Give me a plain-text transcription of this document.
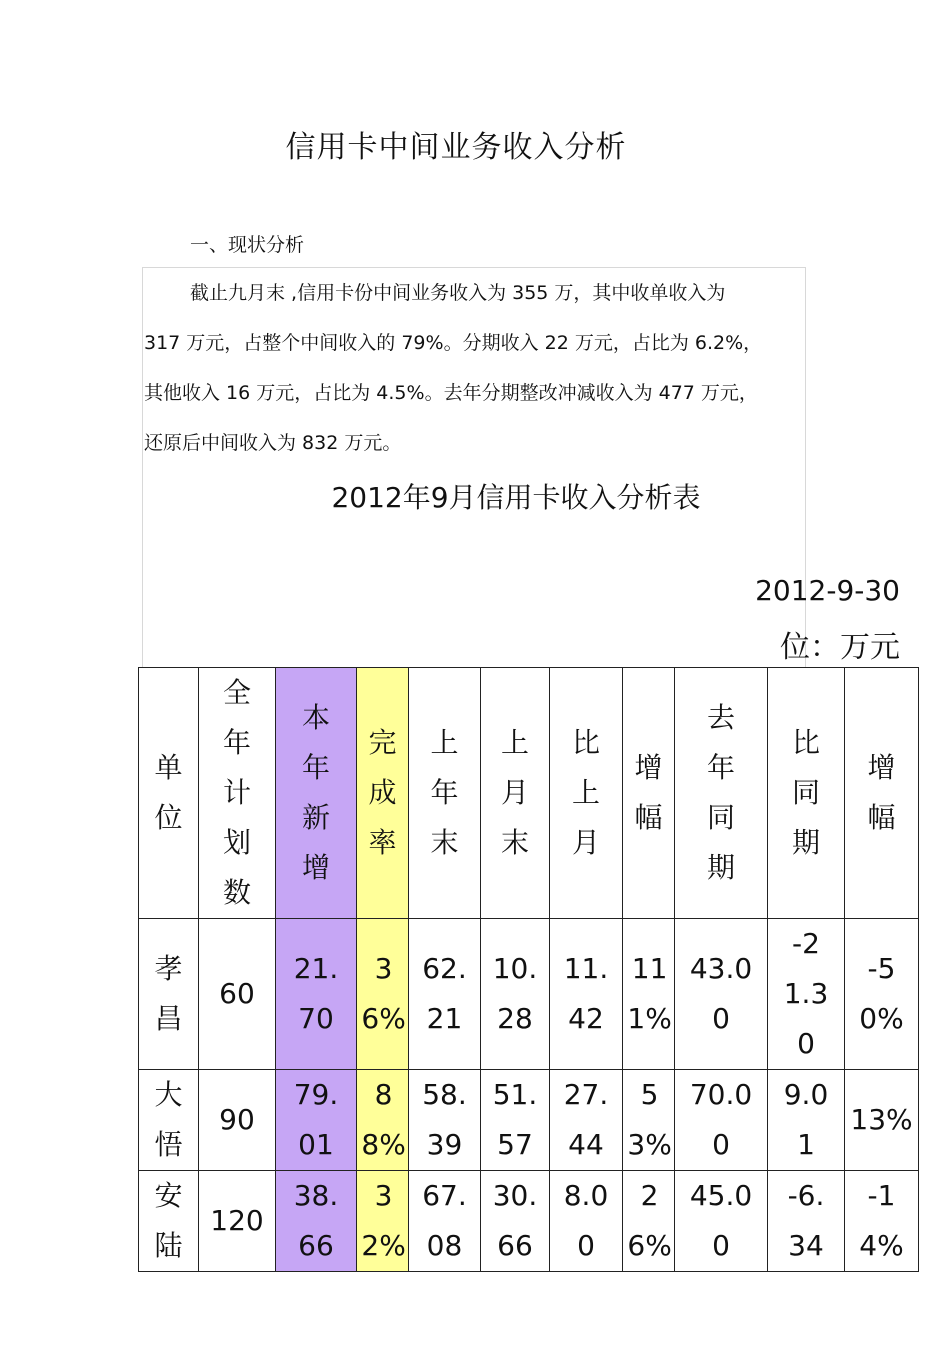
信用卡中间业务收入分析
一、现状分析
截止九月末 ,信用卡份中间业务收入为 355 万，其中收单收入为
317 万元，占整个中间收入的 79%。分期收入 22 万元，占比为 6.2%，
其他收入 16 万元，占比为 4.5%。去年分期整改冲减收入为 477 万元，
还原后中间收入为 832 万元。
2012年9月信用卡收入分析表
2012-9-30
位：万元
单位	全年计划数	本年新增	完成率	上年末	上月末	比上月	增幅	去年同期	比同期	增幅
孝昌	60	21.70	36%	62.21	10.28	11.42	111%	43.00	-21.30	-50%
大悟	90	79.01	88%	58.39	51.57	27.44	53%	70.00	9.01	13%
安陆	120	38.66	32%	67.08	30.66	8.00	26%	45.00	-6.34	-14%
